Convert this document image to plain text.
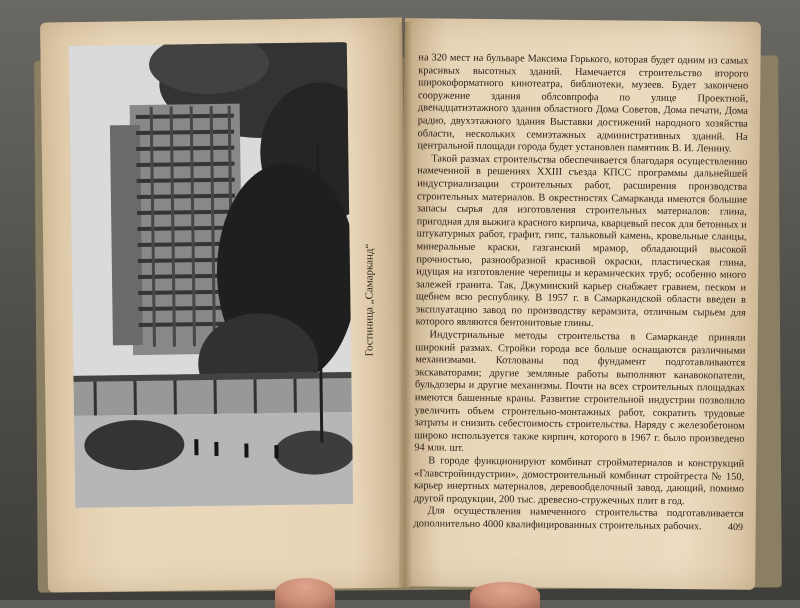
Гостиница „Самарканд“

на 320 мест на бульваре Максима Горького, которая будет одним из самых красивых высотных зданий. Намечается строительство второго широкоформатного кинотеатра, библиотеки, музеев. Будет закончено сооружение здания облсовпрофа по улице Проектной, двенадцатиэтажного здания областного Дома Советов, Дома печати, Дома радио, двухэтажного здания Выставки достижений народного хозяйства области, нескольких семиэтажных административных зданий. На центральной площади города будет установлен памятник В. И. Ленину.

Такой размах строительства обеспечивается благодаря осуществлению намеченной в решениях XXIII съезда КПСС программы дальнейшей индустриализации строительных работ, расширения производства строительных материалов. В окрестностях Самарканда имеются большие запасы сырья для изготовления строительных материалов: глина, пригодная для выжига красного кирпича, кварцевый песок для бетонных и штукатурных работ, графит, гипс, тальковый камень, кровельные сланцы, минеральные краски, газганский мрамор, обладающий высокой прочностью, разнообразной красивой окраски, пластическая глина, идущая на изготовление черепицы и керамических труб; особенно много залежей гранита. Так, Джуминский карьер снабжает гравием, песком и щебнем всю республику. В 1957 г. в Самаркандской области введен в эксплуатацию завод по производству керамзита, отличным сырьем для которого являются бентонитовые глины.

Индустриальные методы строительства в Самарканде приняли широкий размах. Стройки города все больше оснащаются различными механизмами. Котлованы под фундамент подготавливаются экскаваторами; другие земляные работы выполняют канавокопатели, бульдозеры и другие механизмы. Почти на всех строительных площадках имеются башенные краны. Развитие строительной индустрии позволило увеличить объем строительно-монтажных работ, сократить трудовые затраты и снизить себестоимость строительства. Наряду с железобетоном широко используется также кирпич, которого в 1967 г. было произведено 94 млн. шт.

В городе функционируют комбинат стройматериалов и конструкций «Главстройиндустрии», домостроительный комбинат стройтреста № 150, карьер инертных материалов, деревообделочный завод, дающий, помимо другой продукции, 200 тыс. древесно-стружечных плит в год.

Для осуществления намеченного строительства подготавливается дополнительно 4000 квалифицированных строительных рабочих.	409
